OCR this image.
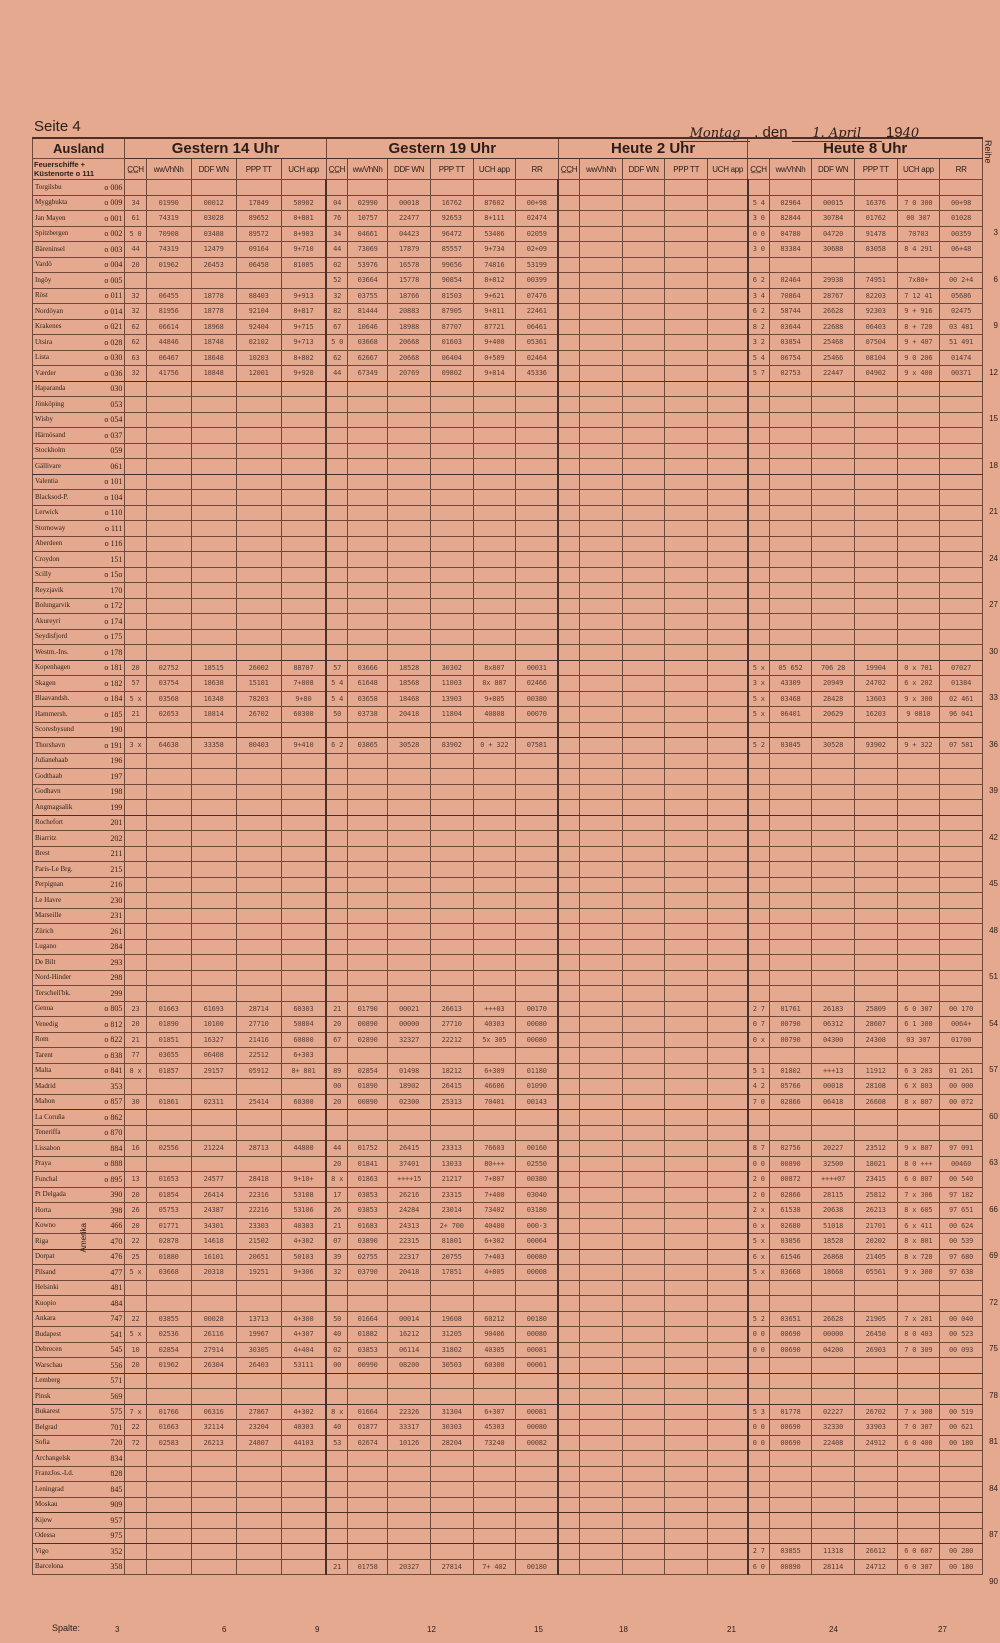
Seite 4	Montag , den 1. April 1940
Reihe
Ausland	Gestern 14 Uhr					Gestern 19 Uhr						Heute 2 Uhr					Heute 8 Uhr					

Feuerschiffe +
Küstenorte o 111	C̲C̲H	wwVhNh	DDF WN	PPP TT	UCH app	C̲C̲H	wwVhNh	DDF WN	PPP TT	UCH app	RR	C̲C̲H	wwVhNh	DDF WN	PPP TT	UCH app	C̲C̲H	wwVhNh	DDF WN	PPP TT	UCH app	RR

o 006
Torgilsbu																						

o 009
Myggbukta	34	01990	00012	17849	50902	04	02990	00018	16762	87602	00+98						5 4	02964	00015	16376	7 0 300	00+98

o 001
Jan Mayen	61	74319	03028	89652	0+801	76	10757	22477	92653	8+111	02474						3 0	82844	30784	01762	00 307	01028

o 002
Spitzbergen	5 0	70908	03488	89572	8+903	34	04661	04423	96472	53406	02059						0 0	04780	04720	91478	70703	00359

o 003
Bäreninsel	44	74319	12479	09164	9+710	44	73069	17879	85557	9+734	02+09						3 0	83384	30688	83058	8 4 291	06+48

o 004
Vardö	20	01962	26453	06458	81005	02	53976	16578	99656	74816	53199											

o 005
Ingöy						52	03664	15778	90854	8+812	00399						6 2	02464	29938	74951	7x80+	00 2+4

o 011
Röst	32	06455	18778	88403	9+913	32	03755	18766	81503	9+621	07476						3 4	70864	28767	82203	7 12 41	05686

o 014
Nordöyan	32	81956	18778	92104	8+817	82	81444	20883	87905	9+811	22461						6 2	58744	26628	92303	9 + 916	02475

o 021
Krakenes	62	06614	18968	92404	9+715	67	10646	18988	87707	87721	06461						8 2	03644	22688	06403	8 + 720	03 481

o 028
Utsira	62	44846	18748	02102	9+713	5 0	03668	20668	01603	9+400	05361						3 2	03854	25468	07504	9 + 407	51 491

o 030
Lista	63	06467	18648	10203	8+802	62	62667	20668	06404	0+509	02464						5 4	06754	25466	08104	9 0 206	01474

o 036
Værder	32	41756	18848	12001	9+920	44	67349	20769	09802	9+814	45336						5 7	02753	22447	04902	9 x 400	00371

030
Haparanda																						

053
Jönköping																						

o 054
Wisby																						

o 037
Härnösand																						

059
Stockholm																						

061
Gällivare																						

o 101
Valentia																						

o 104
Blacksod-P.																						

o 110
Lerwick																						

o 111
Stornoway																						

o 116
Aberdeen																						

151
Croydon																						

o 15o
Scilly																						

170
Reyzjavik																						

o 172
Bolungarvik																						

o 174
Akureyri																						

o 175
Seydisfjord																						

o 178
Westm.-Ins.																						

o 181
Kopenhagen	20	02752	18515	26002	88707	57	03666	18528	30302	8x807	00031						5 x	05 652	706 28	19904	0 x 701	07027

o 182
Skagen	57	03754	18638	15101	7+808	5 4	61648	18568	11003	8x 807	02466						3 x	43309	20949	24702	6 x 202	01384

o 184
Blaavandsh.	5 x	03568	16348	78203	9+80	5 4	03658	18468	13903	9+805	00380						5 x	03468	28428	13603	9 x 300	02 461

o 185
Hammersh.	21	02653	18814	26702	60300	50	03738	20418	11804	40808	00070						5 x	06401	20629	16203	9 0810	96 041

190
Scoresbysund																						

o 191
Thorshavn	3 x	64638	33358	80403	9+410	6 2	03865	30528	83902	0 + 322	07581						5 2	03845	30528	93902	9 + 322	07 581

196
Julianehaab																						

197
Godthaab																						

198
Godhavn																						

199
Angmagsalik																						

201
Rochefort																						

202
Biarritz																						

211
Brest																						

215
Paris-Le Brg.																						

216
Perpignan																						

230
Le Havre																						

231
Marseille																						

261
Zürich																						

284
Lugano																						

293
De Bilt																						

298
Nord-Hinder																						

299
Terschell'bk.																						

o 805
Genua	23	01663	61693	28714	60303	21	01790	00021	26613	+++03	00170						2 7	01761	26183	25809	6 0 307	00 170

o 812
Venedig	20	01890	10100	27710	50804	20	00890	00000	27710	40303	00080						0 7	00790	06312	28607	6 1 300	0064+

o 822
Rom	21	01851	16327	21416	60800	67	02890	32327	22212	5x 305	00080						0 x	00790	04300	24308	03 307	01700

o 838
Tarent	77	03655	06408	22512	6+303																	

o 841
Malta	8 x	01857	29157	05912	8+ 801	89	02854	01498	18212	6+309	01180						5 1	01802	+++13	11912	6 3 203	01 261

353
Madrid						00	01890	18902	26415	46606	01090						4 2	05766	00018	28108	6 X 803	00 000

o 857
Mahon	30	01861	02311	25414	60300	20	00890	02300	25313	70401	00143						7 0	02866	06418	26608	8 x 807	00 072

o 862
La Coruña																						

o 870
Teneriffa																						

884
Lissabon	16	02556	21224	28713	44800	44	01752	26415	23313	76603	00160						8 7	02756	20227	23512	9 x 807	97 091

o 888
Praya						20	01841	37401	13033	80+++	02550						0 0	00890	32500	18021	8 0 +++	00460

o 895
Funchal	13	01653	24577	28418	9+10+	8 x	01863	++++15	21217	7+807	00380						2 0	00872	++++07	23415	6 0 807	00 540

390
Pt Delgada	20	01854	26414	22316	53108	17	03853	26216	23315	7+400	03040						2 0	02866	28115	25812	7 x 306	97 182

398
Horta	26	05753	24387	22216	53106	26	03853	24284	23014	73402	03180						2 x	61538	20638	26213	8 x 605	97 651

466
Kowno	20	01771	34301	23303	40303	21	01683	24313	2+ 700	40400	000-3						0 x	02680	51018	21701	6 x 411	00 624

470
Riga	22	02878	14618	21502	4+302	07	03890	22315	81801	6+302	00064						5 x	03856	18528	20202	8 x 801	00 539

476
Dorpat	25	01880	16101	20651	50103	39	02755	22317	20755	7+403	00080						6 x	61546	26868	21405	8 x 720	97 680

477
Pilsand	5 x	03668	20318	19251	9+306	32	03790	20418	17851	4+805	00008						5 x	03668	18668	05561	9 x 300	97 638

481
Helsinki																						

484
Kuopio																						

747
Ankara	22	03855	00028	13713	4+300	50	01664	00014	19608	60212	00180						5 2	03651	26628	21905	7 x 201	00 040

541
Budapest	5 x	02536	26116	19967	4+307	40	01882	16212	31205	90406	00080						0 0	00690	00000	26450	8 0 403	00 523

545
Debrecen	10	02854	27914	30305	4+404	02	03853	06114	31802	40305	00081						0 0	00690	04200	26903	7 0 309	00 093

556
Warschau	20	01962	26304	26403	53111	00	00990	08200	30503	60300	00061											

571
Lemberg																						

569
Pinsk																						

575
Bukarest	7 x	01766	06316	27867	4+302	8 x	01664	22326	31304	6+307	00081						5 3	01778	02227	26702	7 x 300	00 519

701
Belgrad	22	01663	32114	23204	40303	40	01877	33317	30303	45303	00080						0 0	00690	32330	33903	7 0 307	00 621

720
Sofia	72	02583	26213	24807	44103	53	02674	10126	28204	73240	00082						0 0	00690	22408	24912	6 0 400	00 180

834
Archangelsk																						

828
FranzJos.-Ld.																						

845
Leningrad																						

909
Moskau																						

957
Kijew																						

975
Odessa																						

352
Vigo																	2 7	03855	11318	26612	6 0 607	00 280

358
Barcelona						21	01758	20327	27814	7+ 402	00180						6 0	00890	28114	24712	6 0 307	00 180
Amerika
3
6
9
12
15
18
21
24
27
30
33
36
39
42
45
48
51
54
57
60
63
66
69
72
75
78
81
84
87
90
Spalte:	3	6	9	12	15	18	21	24	27
